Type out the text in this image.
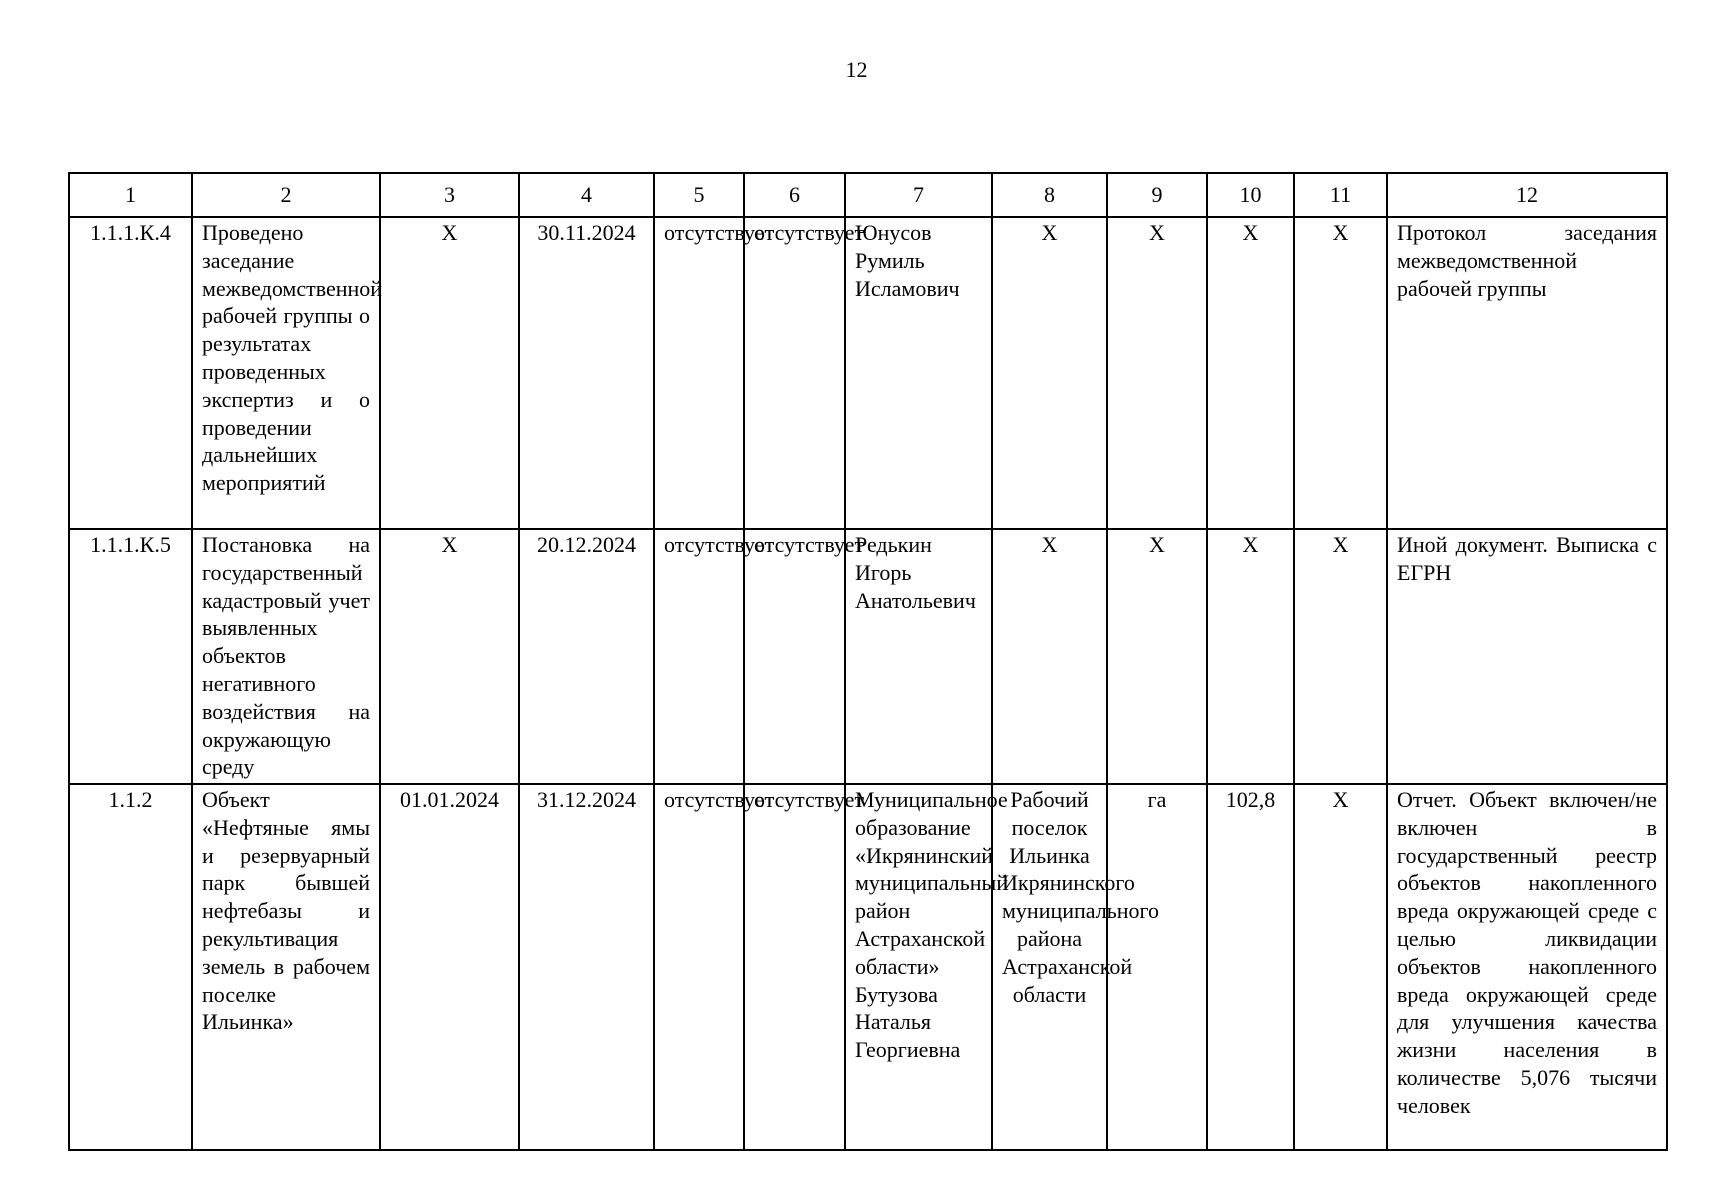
12
1	2	3	4	5	6	7	8	9	10	11	12
1.1.1.К.4	Проведено заседание межведомственной рабочей группы о результатах проведенных экспертиз и о проведении дальнейших мероприятий	Х	30.11.2024	отсутствует	отсутствует	Юнусов Румиль Исламович	Х	Х	Х	Х	Протокол заседания межведомственной рабочей группы
1.1.1.К.5	Постановка на государственный кадастровый учет выявленных объектов негативного воздействия на окружающую среду	Х	20.12.2024	отсутствует	отсутствует	Редькин Игорь Анатольевич	Х	Х	Х	Х	Иной документ. Выписка с ЕГРН
1.1.2	Объект «Нефтяные ямы и резервуарный парк бывшей нефтебазы и рекультивация земель в рабочем поселке Ильинка»	01.01.2024	31.12.2024	отсутствует	отсутствует	Муниципальное образование «Икрянинский муниципальный район Астраханской области» Бутузова Наталья Георгиевна	Рабочий поселок Ильинка Икрянинского муниципального района Астраханской области	га	102,8	Х	Отчет. Объект включен/не включен в государственный реестр объектов накопленного вреда окружающей среде с целью ликвидации объектов накопленного вреда окружающей среде для улучшения качества жизни населения в количестве 5,076 тысячи человек
